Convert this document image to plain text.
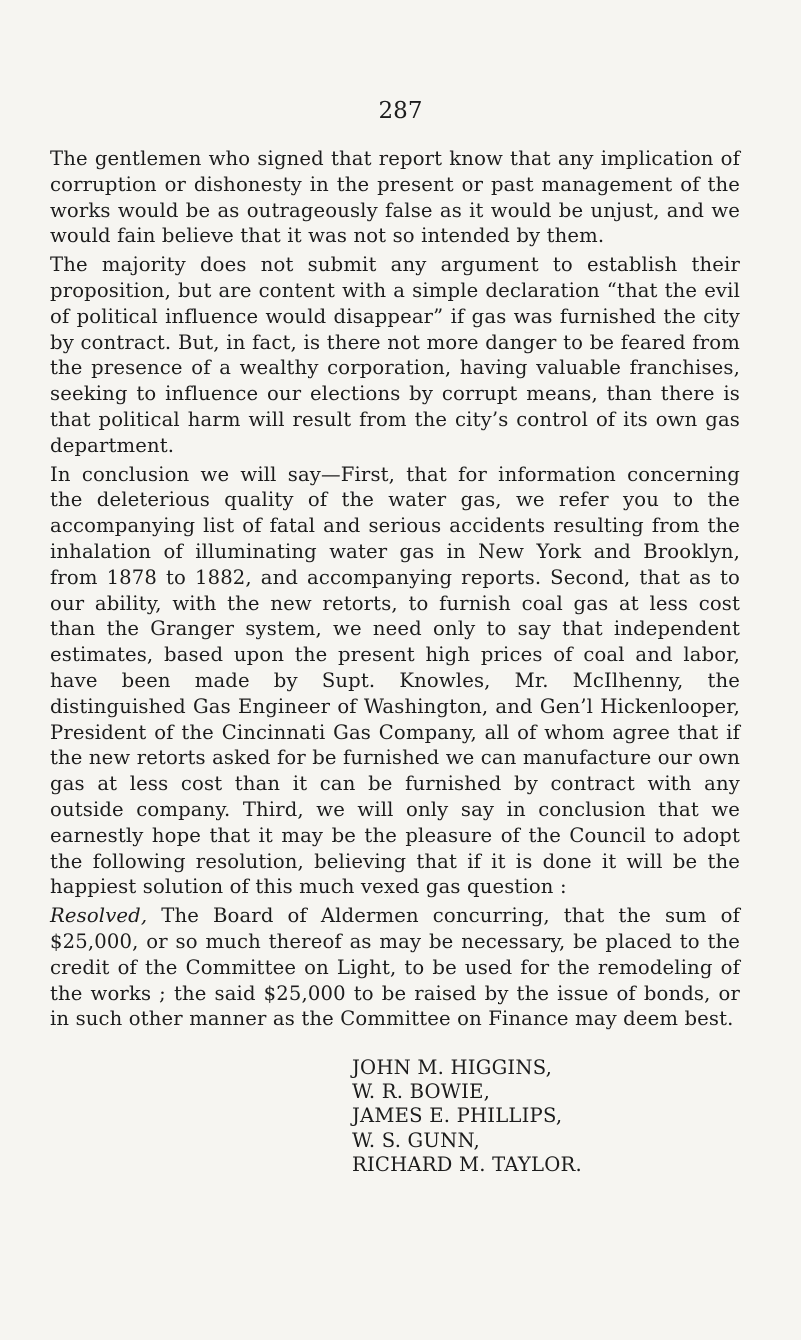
287

The gentlemen who signed that report know that any implication of corruption or dishonesty in the present or past management of the works would be as outrageously false as it would be unjust, and we would fain believe that it was not so intended by them.

The majority does not submit any argument to establish their proposition, but are content with a simple declaration “that the evil of political influence would disappear” if gas was furnished the city by contract. But, in fact, is there not more danger to be feared from the presence of a wealthy corporation, having valuable franchises, seeking to influence our elections by corrupt means, than there is that political harm will result from the city’s control of its own gas department.

In conclusion we will say—First, that for information concerning the deleterious quality of the water gas, we refer you to the accompanying list of fatal and serious accidents resulting from the inhalation of illuminating water gas in New York and Brooklyn, from 1878 to 1882, and accompanying reports. Second, that as to our ability, with the new retorts, to furnish coal gas at less cost than the Granger system, we need only to say that independent estimates, based upon the present high prices of coal and labor, have been made by Supt. Knowles, Mr. McIlhenny, the distinguished Gas Engineer of Washington, and Gen’l Hickenlooper, President of the Cincinnati Gas Company, all of whom agree that if the new retorts asked for be furnished we can manufacture our own gas at less cost than it can be furnished by contract with any outside company. Third, we will only say in conclusion that we earnestly hope that it may be the pleasure of the Council to adopt the following resolution, believing that if it is done it will be the happiest solution of this much vexed gas question :

Resolved, The Board of Aldermen concurring, that the sum of $25,000, or so much thereof as may be necessary, be placed to the credit of the Committee on Light, to be used for the remodeling of the works ; the said $25,000 to be raised by the issue of bonds, or in such other manner as the Committee on Finance may deem best.

JOHN M. HIGGINS,
W. R. BOWIE,
JAMES E. PHILLIPS,
W. S. GUNN,
RICHARD M. TAYLOR.
